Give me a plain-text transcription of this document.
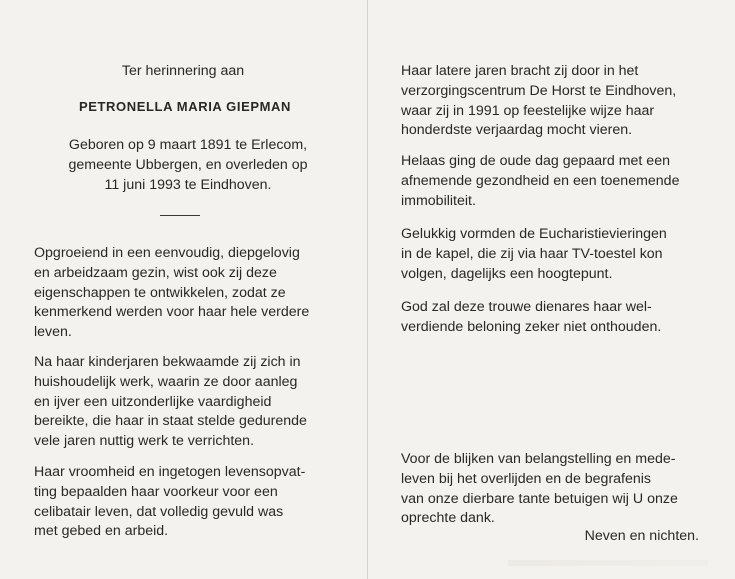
Ter herinnering aan

PETRONELLA MARIA GIEPMAN

Geboren op 9 maart 1891 te Erlecom,
gemeente Ubbergen, en overleden op
11 juni 1993 te Eindhoven.

Opgroeiend in een eenvoudig, diepgelovig
en arbeidzaam gezin, wist ook zij deze
eigenschappen te ontwikkelen, zodat ze
kenmerkend werden voor haar hele verdere
leven.

Na haar kinderjaren bekwaamde zij zich in
huishoudelijk werk, waarin ze door aanleg
en ijver een uitzonderlijke vaardigheid
bereikte, die haar in staat stelde gedurende
vele jaren nuttig werk te verrichten.

Haar vroomheid en ingetogen levensopvat-
ting bepaalden haar voorkeur voor een
celibatair leven, dat volledig gevuld was
met gebed en arbeid.

Haar latere jaren bracht zij door in het
verzorgingscentrum De Horst te Eindhoven,
waar zij in 1991 op feestelijke wijze haar
honderdste verjaardag mocht vieren.

Helaas ging de oude dag gepaard met een
afnemende gezondheid en een toenemende
immobiliteit.

Gelukkig vormden de Eucharistievieringen
in de kapel, die zij via haar TV-toestel kon
volgen, dagelijks een hoogtepunt.

God zal deze trouwe dienares haar wel-
verdiende beloning zeker niet onthouden.

Voor de blijken van belangstelling en mede-
leven bij het overlijden en de begrafenis
van onze dierbare tante betuigen wij U onze
oprechte dank.

Neven en nichten.
